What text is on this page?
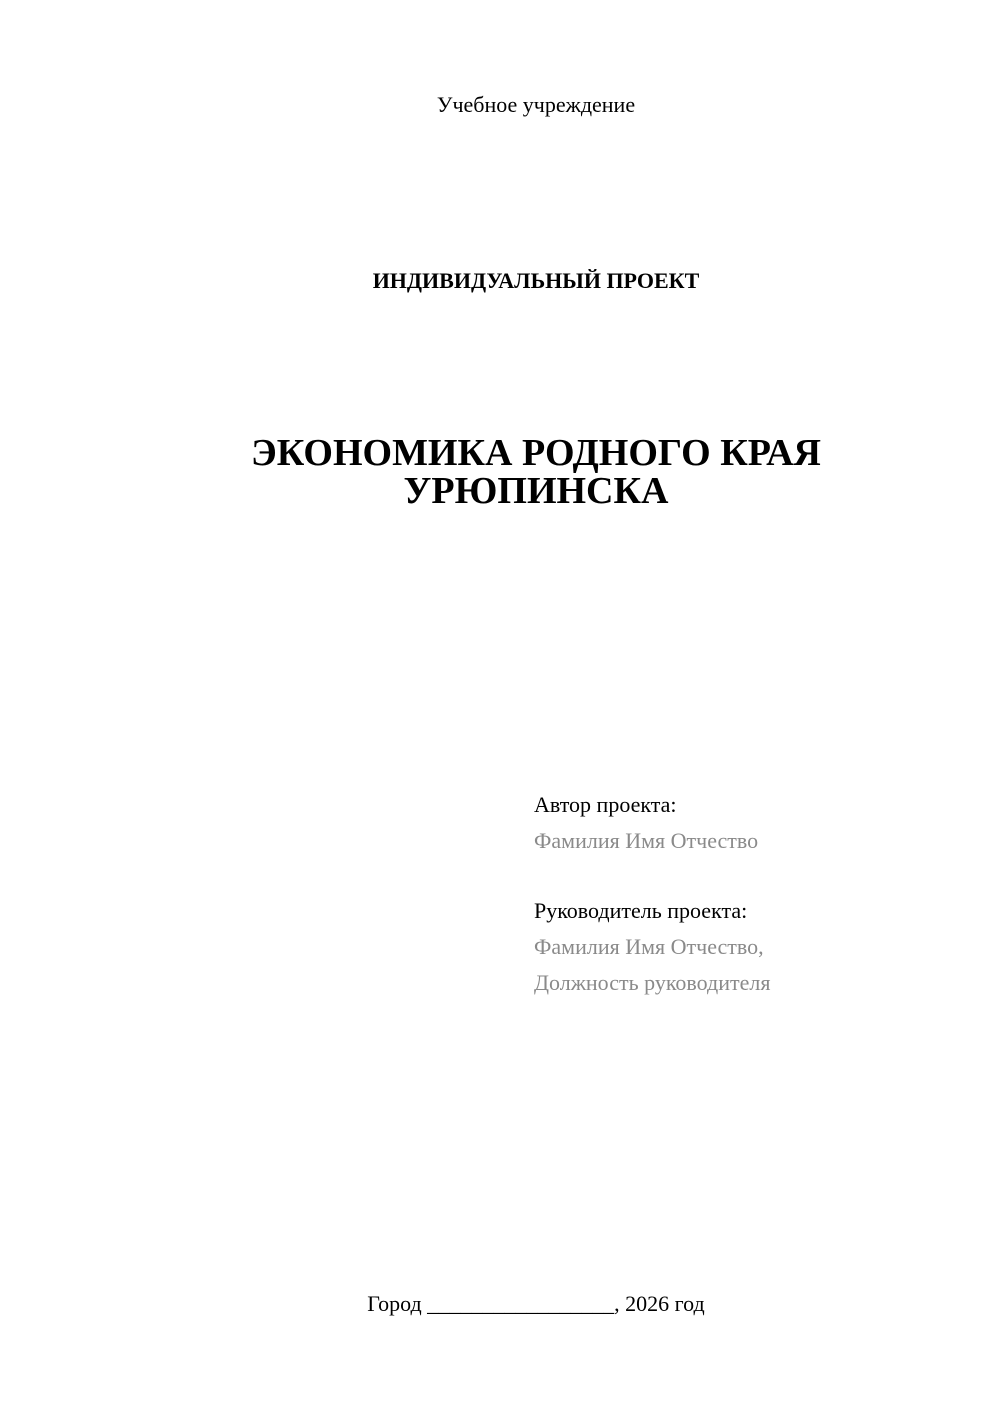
Учебное учреждение
ИНДИВИДУАЛЬНЫЙ ПРОЕКТ
ЭКОНОМИКА РОДНОГО КРАЯ
УРЮПИНСКА
Автор проекта:
Фамилия Имя Отчество
Руководитель проекта:
Фамилия Имя Отчество,
Должность руководителя
Город _________________, 2026 год
